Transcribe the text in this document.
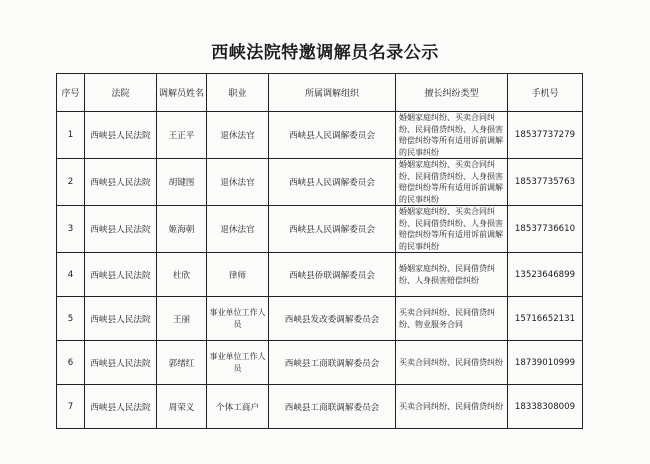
西峡法院特邀调解员名录公示
序号	法院	调解员姓名	职业	所属调解组织	擅长纠纷类型	手机号
1	西峡县人民法院	王正平	退休法官	西峡县人民调解委员会	婚姻家庭纠纷、买卖合同纠纷、民间借贷纠纷、人身损害赔偿纠纷等所有适用诉前调解的民事纠纷	18537737279
2	西峡县人民法院	胡键图	退休法官	西峡县人民调解委员会	婚姻家庭纠纷、买卖合同纠纷、民间借贷纠纷、人身损害赔偿纠纷等所有适用诉前调解的民事纠纷	18537735763
3	西峡县人民法院	姬海朝	退休法官	西峡县人民调解委员会	婚姻家庭纠纷、买卖合同纠纷、民间借贷纠纷、人身损害赔偿纠纷等所有适用诉前调解的民事纠纷	18537736610
4	西峡县人民法院	杜欣	律师	西峡县侨联调解委员会	婚姻家庭纠纷、民间借贷纠纷、人身损害赔偿纠纷	13523646899
5	西峡县人民法院	王丽	事业单位工作人员	西峡县发改委调解委员会	买卖合同纠纷、民间借贷纠纷、物业服务合同	15716652131
6	西峡县人民法院	郭绪红	事业单位工作人员	西峡县工商联调解委员会	买卖合同纠纷、民间借贷纠纷	18739010999
7	西峡县人民法院	周荣义	个体工商户	西峡县工商联调解委员会	买卖合同纠纷、民间借贷纠纷	18338308009
